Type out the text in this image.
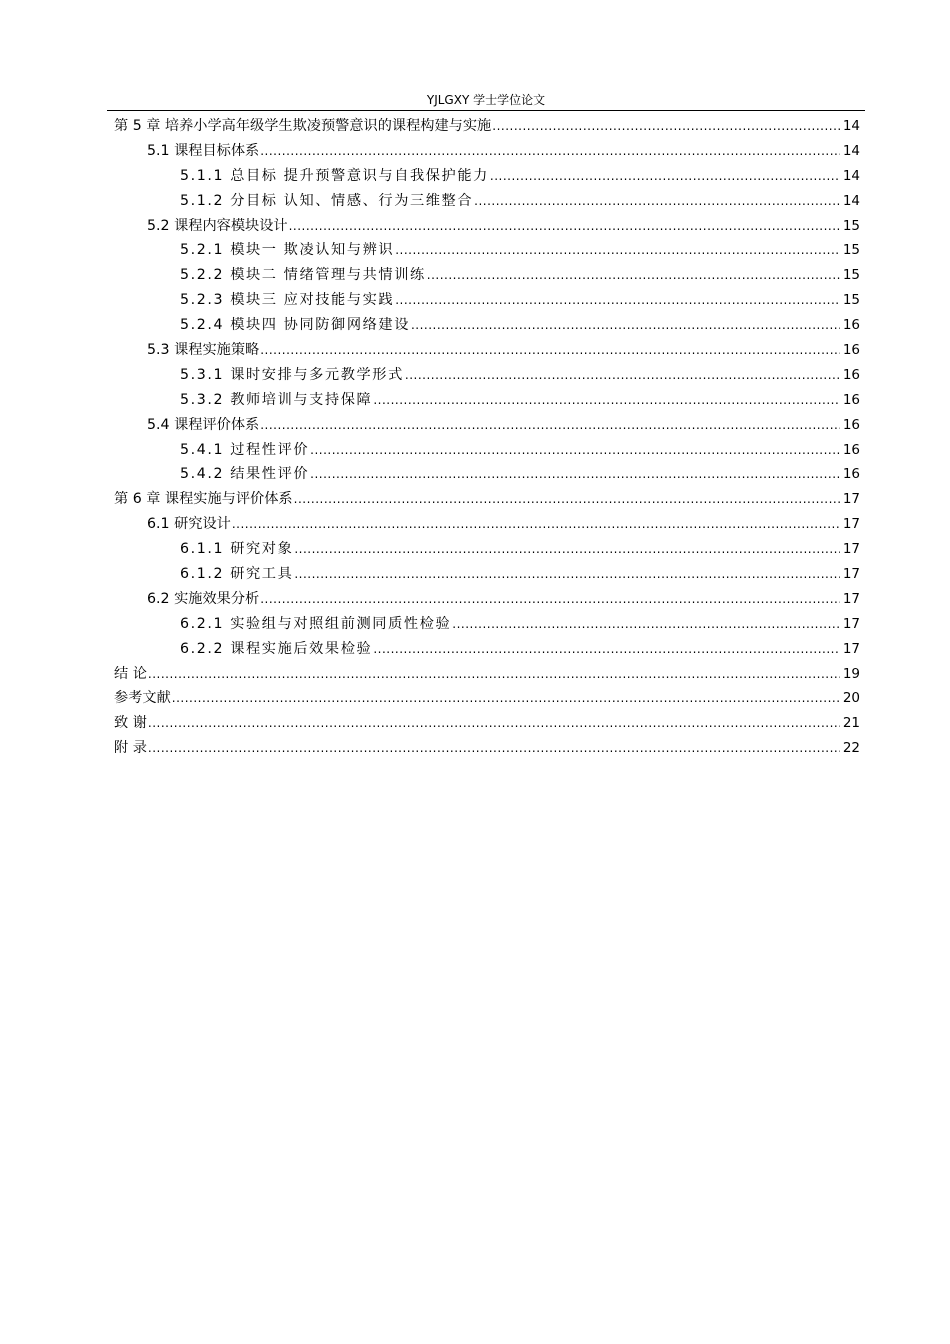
YJLGXY 学士学位论文
第 5 章 培养小学高年级学生欺凌预警意识的课程构建与实施 .....	14
5.1 课程目标体系 .....	14
5.1.1 总目标 提升预警意识与自我保护能力 .....	14
5.1.2 分目标 认知、情感、行为三维整合 .....	14
5.2 课程内容模块设计 .....	15
5.2.1 模块一 欺凌认知与辨识 .....	15
5.2.2 模块二 情绪管理与共情训练 .....	15
5.2.3 模块三 应对技能与实践 .....	15
5.2.4 模块四 协同防御网络建设 .....	16
5.3 课程实施策略 .....	16
5.3.1 课时安排与多元教学形式 .....	16
5.3.2 教师培训与支持保障 .....	16
5.4 课程评价体系 .....	16
5.4.1 过程性评价 .....	16
5.4.2 结果性评价 .....	16
第 6 章 课程实施与评价体系 .....	17
6.1 研究设计 .....	17
6.1.1 研究对象 .....	17
6.1.2 研究工具 .....	17
6.2 实施效果分析 .....	17
6.2.1 实验组与对照组前测同质性检验 .....	17
6.2.2 课程实施后效果检验 .....	17
结 论 .....	19
参考文献 .....	20
致 谢 .....	21
附 录 .....	22
